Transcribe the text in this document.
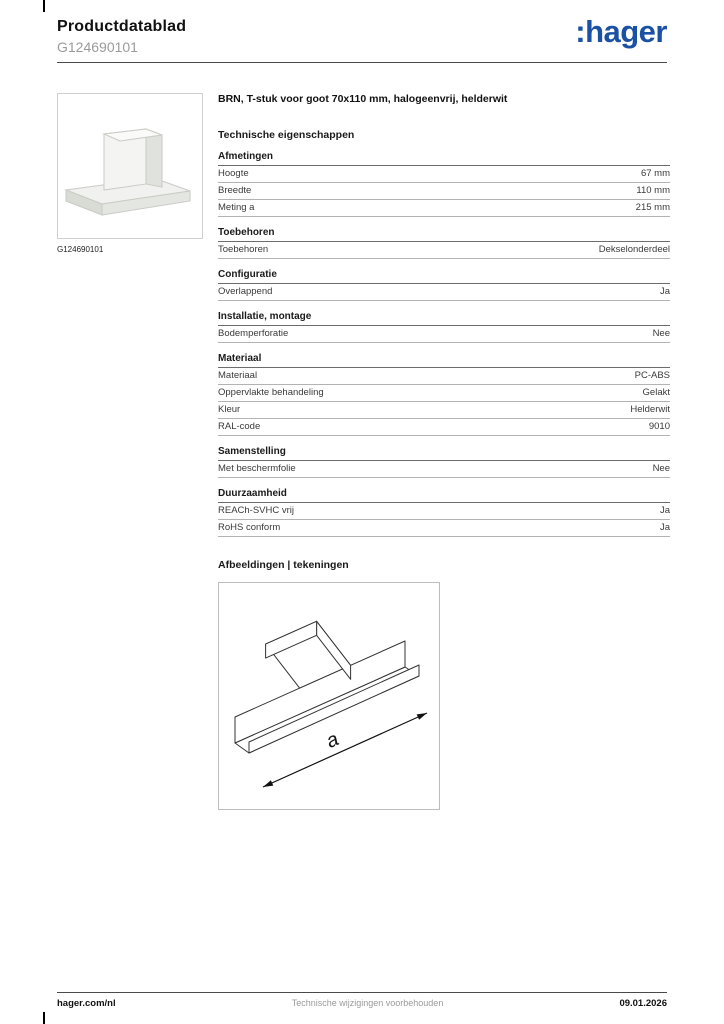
Productdatablad
G124690101	:hager
G124690101
BRN, T-stuk voor goot 70x110 mm, halogeenvrij, helderwit
Technische eigenschappen
Afmetingen
Hoogte	67 mm
Breedte	110 mm
Meting a	215 mm
Toebehoren
Toebehoren	Dekselonderdeel
Configuratie
Overlappend	Ja
Installatie, montage
Bodemperforatie	Nee
Materiaal
Materiaal	PC-ABS
Oppervlakte behandeling	Gelakt
Kleur	Helderwit
RAL-code	9010
Samenstelling
Met beschermfolie	Nee
Duurzaamheid
REACh-SVHC vrij	Ja
RoHS conform	Ja
Afbeeldingen | tekeningen
a
hager.com/nl	Technische wijzigingen voorbehouden	09.01.2026
